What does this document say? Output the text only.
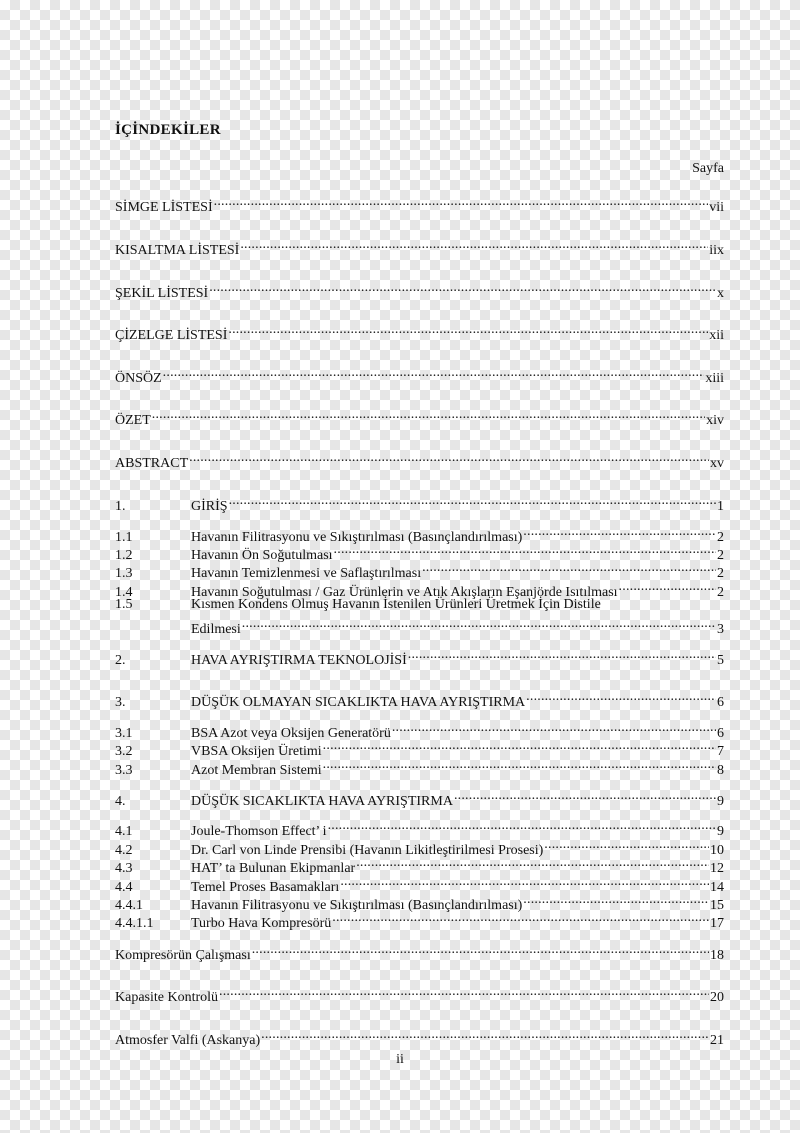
İÇİNDEKİLER
Sayfa
SİMGE LİSTESİ .....	vii
KISALTMA LİSTESİ .....	iix
ŞEKİL LİSTESİ .....	x
ÇİZELGE LİSTESİ .....	xii
ÖNSÖZ .....	xiii
ÖZET .....	xiv
ABSTRACT .....	xv
1.	GİRİŞ .....	1
1.1	Havanın Filitrasyonu ve Sıkıştırılması (Basınçlandırılması) .....	2
1.2	Havanın Ön Soğutulması .....	2
1.3	Havanın Temizlenmesi ve Saflaştırılması .....	2
1.4	Havanın Soğutulması / Gaz Ürünlerin ve Atık Akışların Eşanjörde Isıtılması .....	2
1.5	Kısmen Kondens Olmuş Havanın İstenilen Ürünleri Üretmek İçin Distile
Edilmesi .....	3
2.	HAVA AYRIŞTIRMA TEKNOLOJİSİ .....	5
3.	DÜŞÜK OLMAYAN SICAKLIKTA HAVA AYRIŞTIRMA .....	6
3.1	BSA Azot veya Oksijen Generatörü .....	6
3.2	VBSA Oksijen Üretimi .....	7
3.3	Azot Membran Sistemi .....	8
4.	DÜŞÜK SICAKLIKTA HAVA AYRIŞTIRMA .....	9
4.1	Joule-Thomson Effect’ i .....	9
4.2	Dr. Carl von Linde Prensibi (Havanın Likitleştirilmesi Prosesi) .....	10
4.3	HAT’ ta Bulunan Ekipmanlar .....	12
4.4	Temel Proses Basamakları .....	14
4.4.1	Havanın Filitrasyonu ve Sıkıştırılması (Basınçlandırılması) .....	15
4.4.1.1	Turbo Hava Kompresörü .....	17
Kompresörün Çalışması .....	18
Kapasite Kontrolü .....	20
Atmosfer Valfi (Askanya) .....	21
ii
